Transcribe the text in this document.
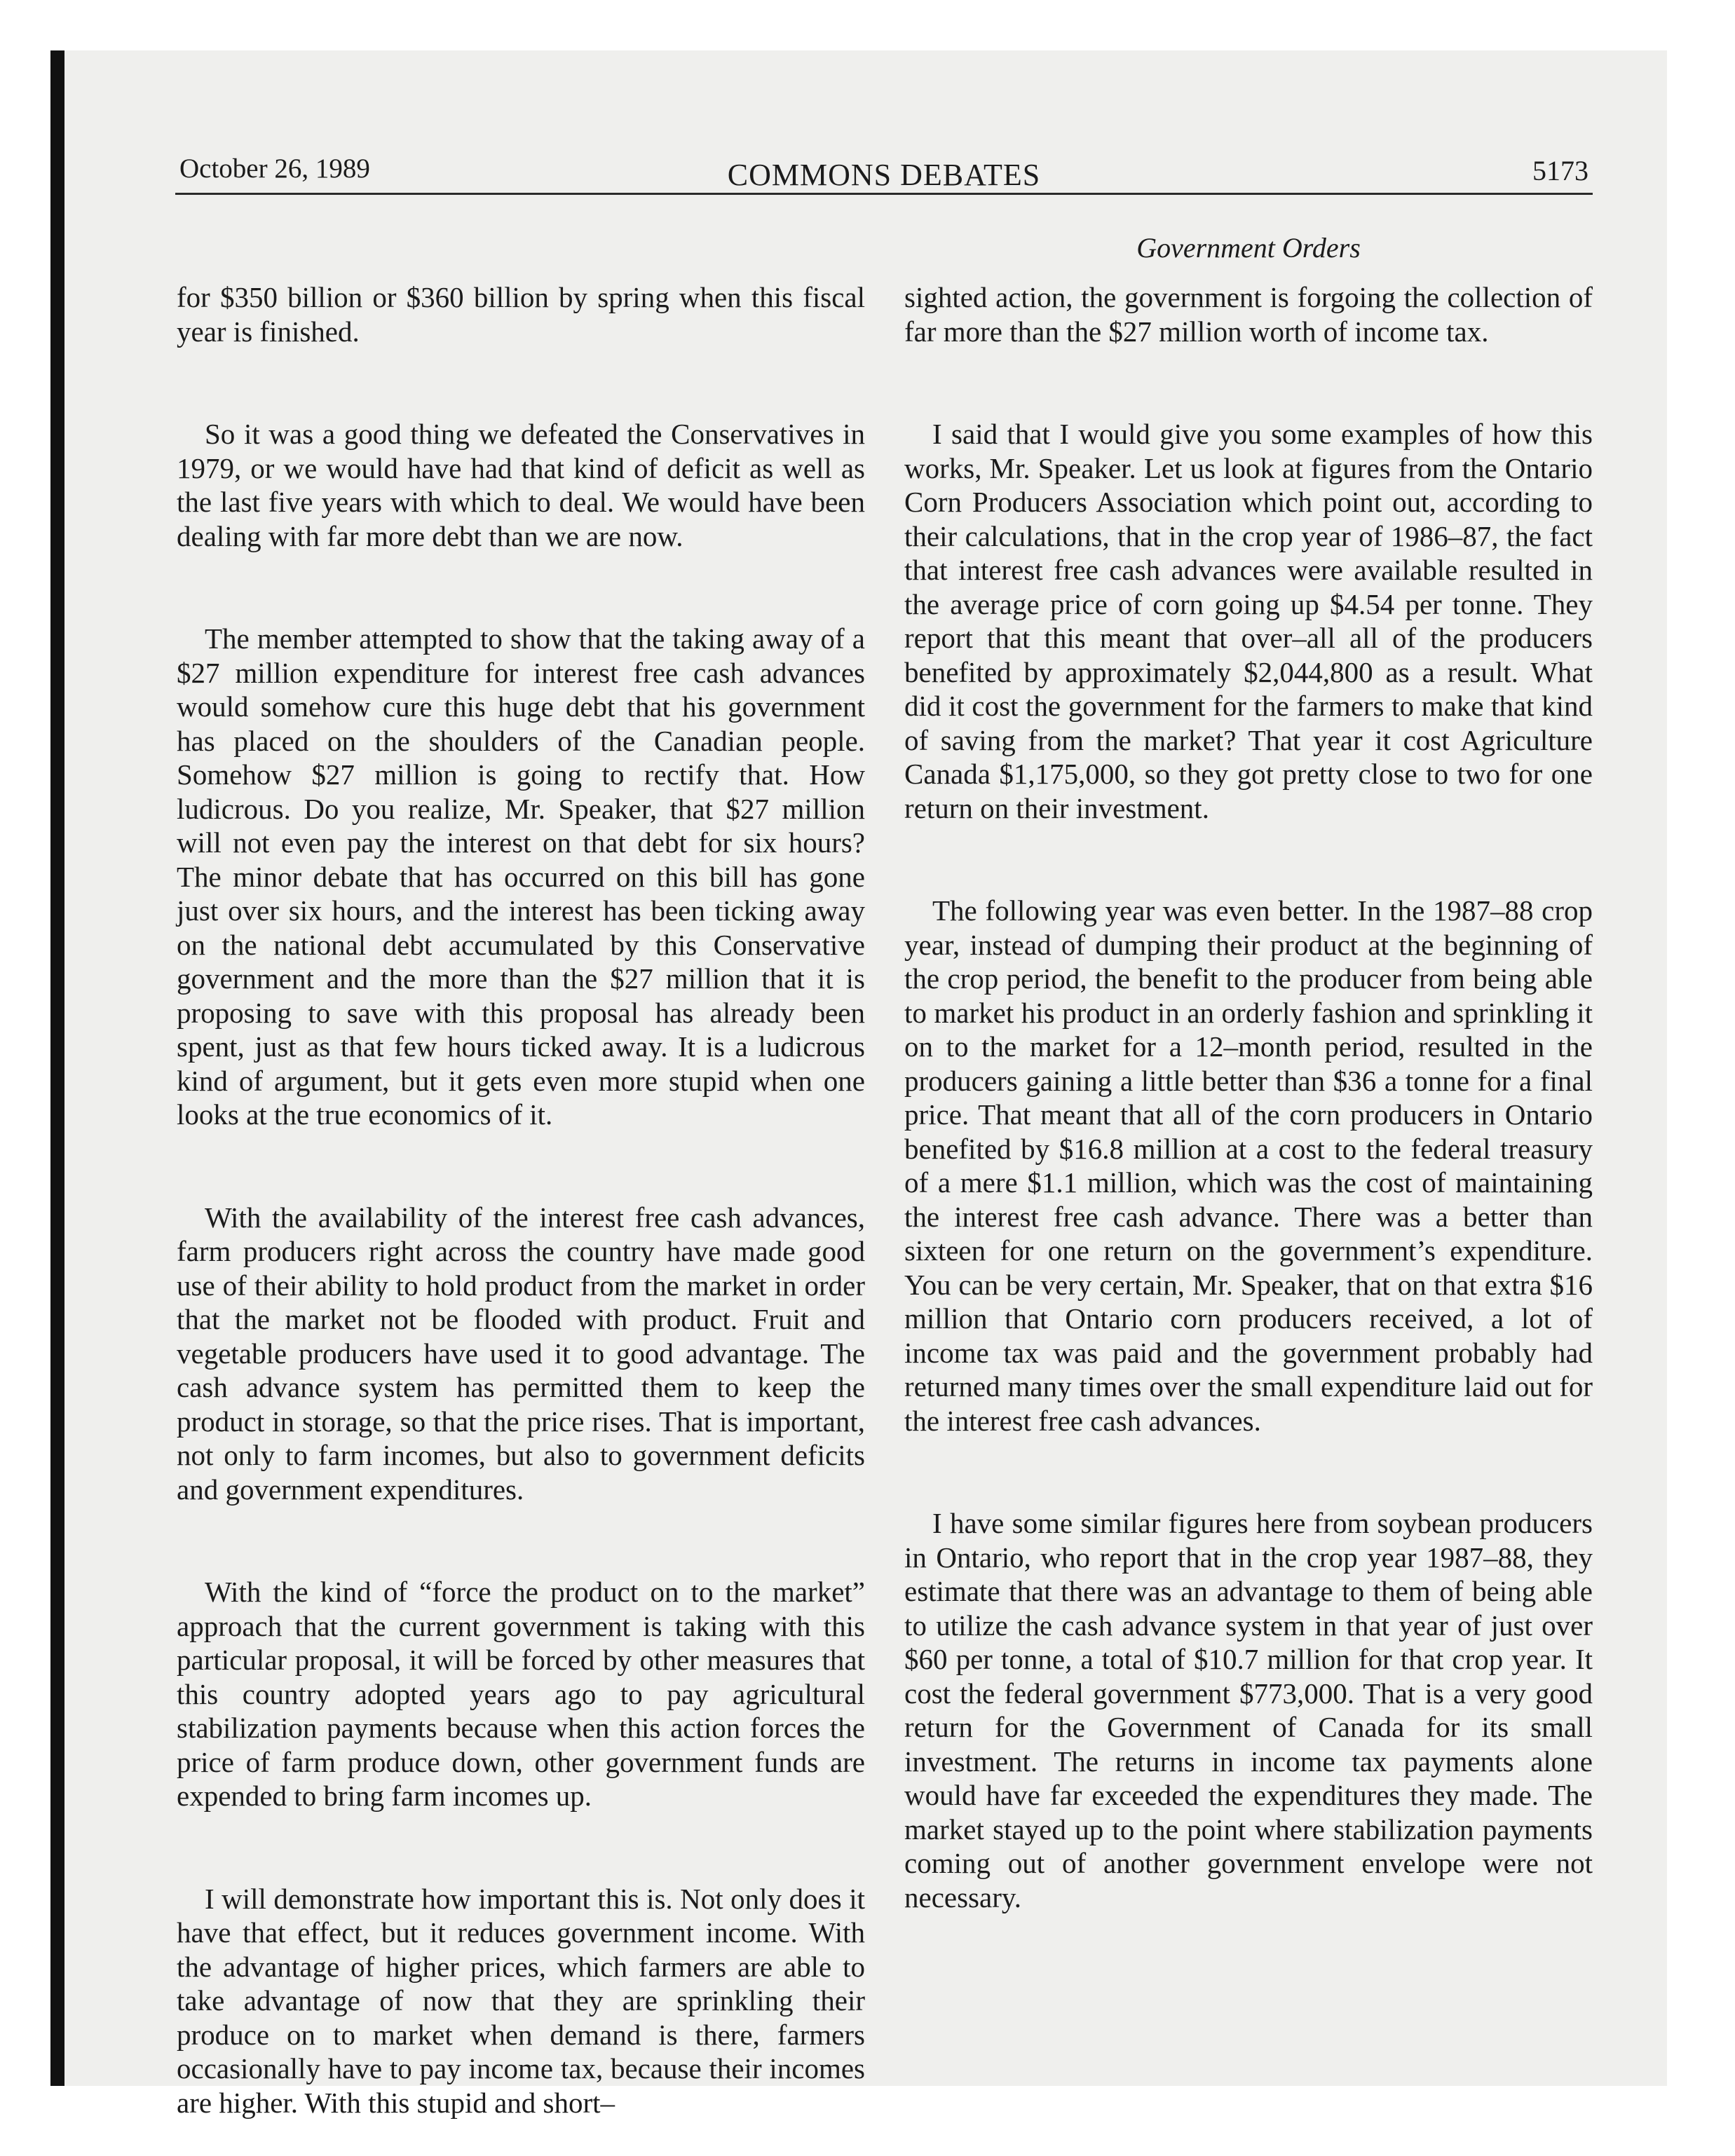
October 26, 1989	COMMONS DEBATES	5173
Government Orders

for $350 billion or $360 billion by spring when this fiscal year is finished.

So it was a good thing we defeated the Conservatives in 1979, or we would have had that kind of deficit as well as the last five years with which to deal. We would have been dealing with far more debt than we are now.

The member attempted to show that the taking away of a $27 million expenditure for interest free cash advances would somehow cure this huge debt that his government has placed on the shoulders of the Canadian people. Somehow $27 million is going to rectify that. How ludicrous. Do you realize, Mr. Speaker, that $27 million will not even pay the interest on that debt for six hours? The minor debate that has occurred on this bill has gone just over six hours, and the interest has been ticking away on the national debt accumulated by this Conservative government and the more than the $27 million that it is proposing to save with this proposal has already been spent, just as that few hours ticked away. It is a ludicrous kind of argument, but it gets even more stupid when one looks at the true economics of it.

With the availability of the interest free cash advances, farm producers right across the country have made good use of their ability to hold product from the market in order that the market not be flooded with product. Fruit and vegetable producers have used it to good advantage. The cash advance system has permitted them to keep the product in storage, so that the price rises. That is important, not only to farm incomes, but also to government deficits and government expenditures.

With the kind of “force the product on to the market” approach that the current government is taking with this particular proposal, it will be forced by other measures that this country adopted years ago to pay agricultural stabilization payments because when this action forces the price of farm produce down, other government funds are expended to bring farm incomes up.

I will demonstrate how important this is. Not only does it have that effect, but it reduces government income. With the advantage of higher prices, which farmers are able to take advantage of now that they are sprinkling their produce on to market when demand is there, farmers occasionally have to pay income tax, because their incomes are higher. With this stupid and short–

sighted action, the government is forgoing the collection of far more than the $27 million worth of income tax.

I said that I would give you some examples of how this works, Mr. Speaker. Let us look at figures from the Ontario Corn Producers Association which point out, according to their calculations, that in the crop year of 1986–87, the fact that interest free cash advances were available resulted in the average price of corn going up $4.54 per tonne. They report that this meant that over–all all of the producers benefited by approximately $2,044,800 as a result. What did it cost the government for the farmers to make that kind of saving from the market? That year it cost Agriculture Canada $1,175,000, so they got pretty close to two for one return on their investment.

The following year was even better. In the 1987–88 crop year, instead of dumping their product at the beginning of the crop period, the benefit to the producer from being able to market his product in an orderly fashion and sprinkling it on to the market for a 12–month period, resulted in the producers gaining a little better than $36 a tonne for a final price. That meant that all of the corn producers in Ontario benefited by $16.8 million at a cost to the federal treasury of a mere $1.1 million, which was the cost of maintaining the interest free cash advance. There was a better than sixteen for one return on the government’s expenditure. You can be very certain, Mr. Speaker, that on that extra $16 million that Ontario corn producers received, a lot of income tax was paid and the government probably had returned many times over the small expenditure laid out for the interest free cash advances.

I have some similar figures here from soybean producers in Ontario, who report that in the crop year 1987–88, they estimate that there was an advantage to them of being able to utilize the cash advance system in that year of just over $60 per tonne, a total of $10.7 million for that crop year. It cost the federal government $773,000. That is a very good return for the Government of Canada for its small investment. The returns in income tax payments alone would have far exceeded the expenditures they made. The market stayed up to the point where stabilization payments coming out of another government envelope were not necessary.
